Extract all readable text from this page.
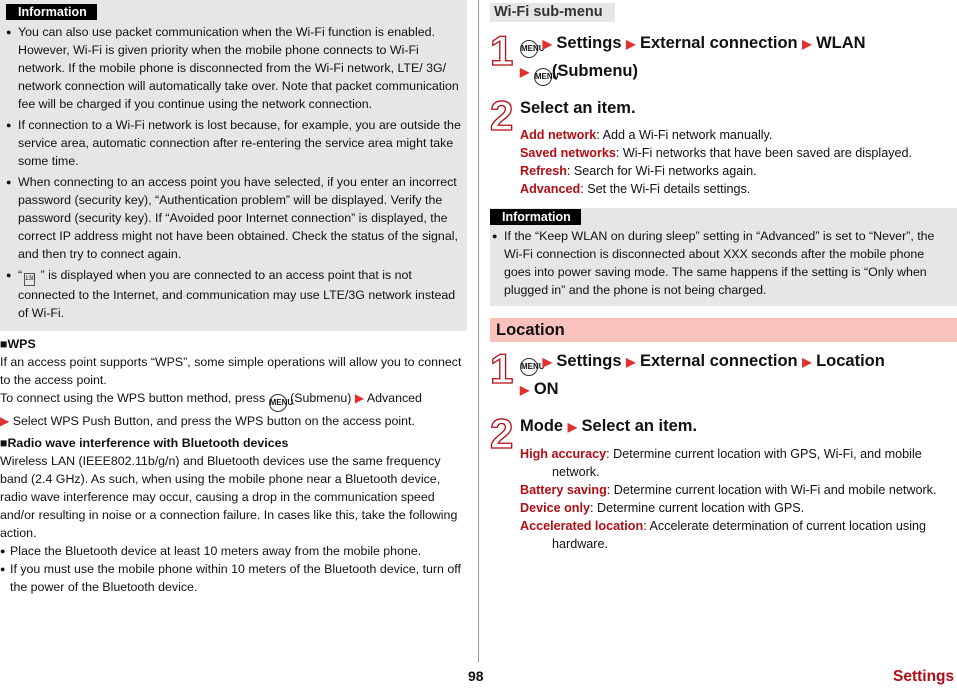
Information
● You can also use packet communication when the Wi-Fi function is enabled. However, Wi-Fi is given priority when the mobile phone connects to Wi-Fi network. If the mobile phone is disconnected from the Wi-Fi network, LTE/ 3G/ network connection will automatically take over. Note that packet communication fee will be charged if you continue using the network connection.
● If connection to a Wi-Fi network is lost because, for example, you are outside the service area, automatic connection after re-entering the service area might take some time.
● When connecting to an access point you have selected, if you enter an incorrect password (security key), “Authentication problem” will be displayed. Verify the password (security key). If “Avoided poor Internet connection” is displayed, the correct IP address might not have been obtained. Check the status of the signal, and then try to connect again.
● “ 130 ” is displayed when you are connected to an access point that is not connected to the Internet, and communication may use LTE/3G network instead of Wi-Fi.
■WPS
If an access point supports “WPS”, some simple operations will allow you to connect to the access point.
To connect using the WPS button method, press MENU (Submenu) ▶ Advanced
▶ Select WPS Push Button, and press the WPS button on the access point.
■Radio wave interference with Bluetooth devices
Wireless LAN (IEEE802.11b/g/n) and Bluetooth devices use the same frequency band (2.4 GHz). As such, when using the mobile phone near a Bluetooth device, radio wave interference may occur, causing a drop in the communication speed and/or resulting in noise or a connection failure. In cases like this, take the following action.
● Place the Bluetooth device at least 10 meters away from the mobile phone.
● If you must use the mobile phone within 10 meters of the Bluetooth device, turn off the power of the Bluetooth device.
Wi-Fi sub-menu
1 MENU ▶ Settings ▶ External connection ▶ WLAN
▶ MENU(Submenu)
2 Select an item.
Add network: Add a Wi-Fi network manually.
Saved networks: Wi-Fi networks that have been saved are displayed.
Refresh: Search for Wi-Fi networks again.
Advanced: Set the Wi-Fi details settings.
Information
● If the “Keep WLAN on during sleep” setting in “Advanced” is set to “Never”, the Wi-Fi connection is disconnected about XXX seconds after the mobile phone goes into power saving mode. The same happens if the setting is “Only when plugged in” and the phone is not being charged.
Location
1 MENU ▶ Settings ▶ External connection ▶ Location
▶ ON
2 Mode ▶ Select an item.
High accuracy: Determine current location with GPS, Wi-Fi, and mobile network.
Battery saving: Determine current location with Wi-Fi and mobile network.
Device only: Determine current location with GPS.
Accelerated location: Accelerate determination of current location using hardware.
98	Settings
